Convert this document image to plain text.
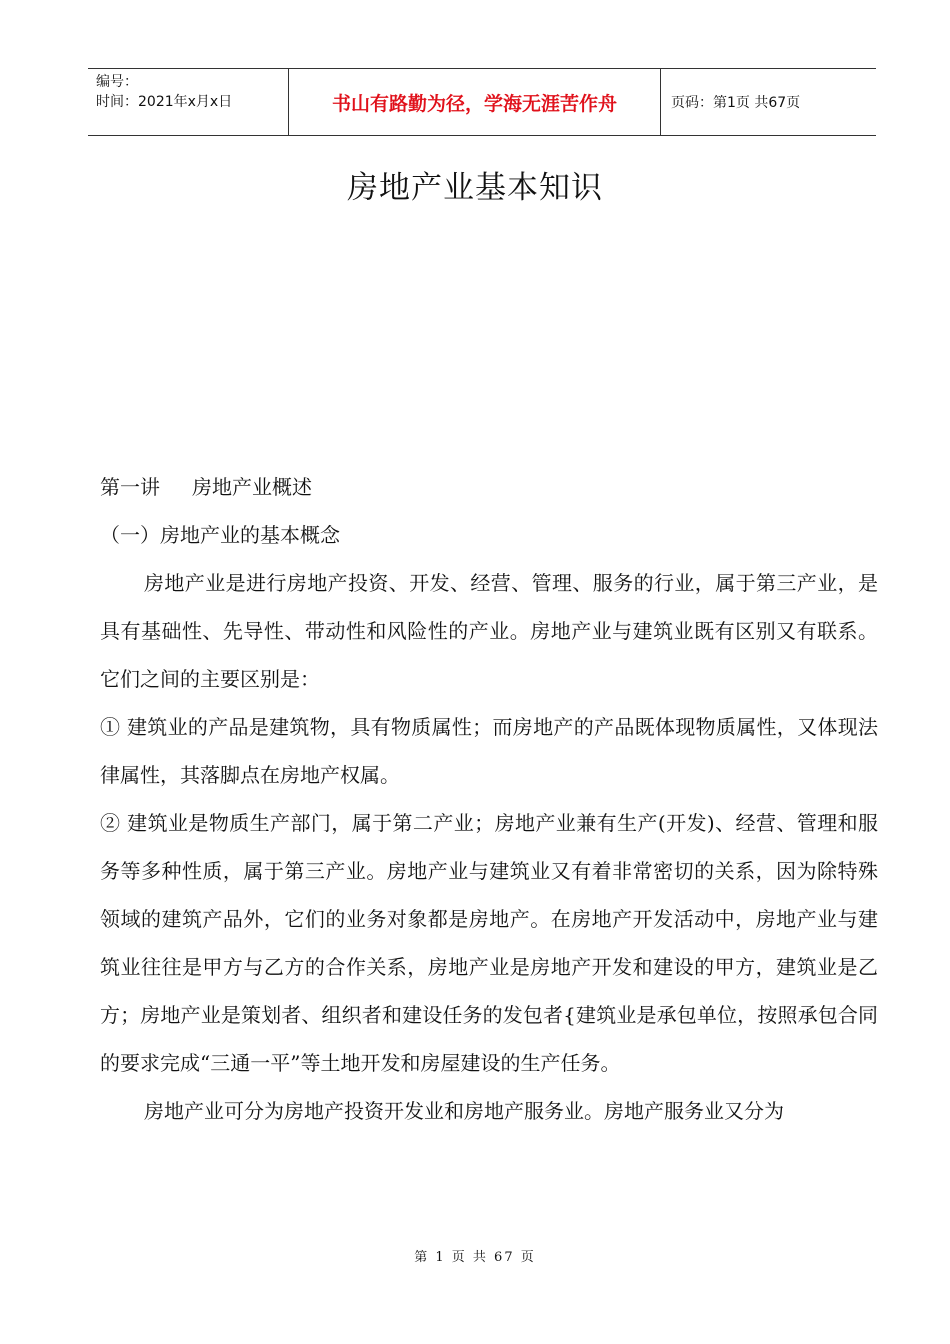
编号：
时间：2021年x月x日	书山有路勤为径，学海无涯苦作舟	页码：第1页 共67页
房地产业基本知识

第一讲 房地产业概述

（一）房地产业的基本概念

房地产业是进行房地产投资、开发、经营、管理、服务的行业，属于第三产业，是具有基础性、先导性、带动性和风险性的产业。房地产业与建筑业既有区别又有联系。它们之间的主要区别是：

① 建筑业的产品是建筑物，具有物质属性；而房地产的产品既体现物质属性，又体现法律属性，其落脚点在房地产权属。

② 建筑业是物质生产部门，属于第二产业；房地产业兼有生产(开发)、经营、管理和服务等多种性质，属于第三产业。房地产业与建筑业又有着非常密切的关系，因为除特殊领域的建筑产品外，它们的业务对象都是房地产。在房地产开发活动中，房地产业与建筑业往往是甲方与乙方的合作关系，房地产业是房地产开发和建设的甲方，建筑业是乙方；房地产业是策划者、组织者和建设任务的发包者{建筑业是承包单位，按照承包合同的要求完成“三通一平”等土地开发和房屋建设的生产任务。

房地产业可分为房地产投资开发业和房地产服务业。房地产服务业又分为

第 1 页 共 67 页
